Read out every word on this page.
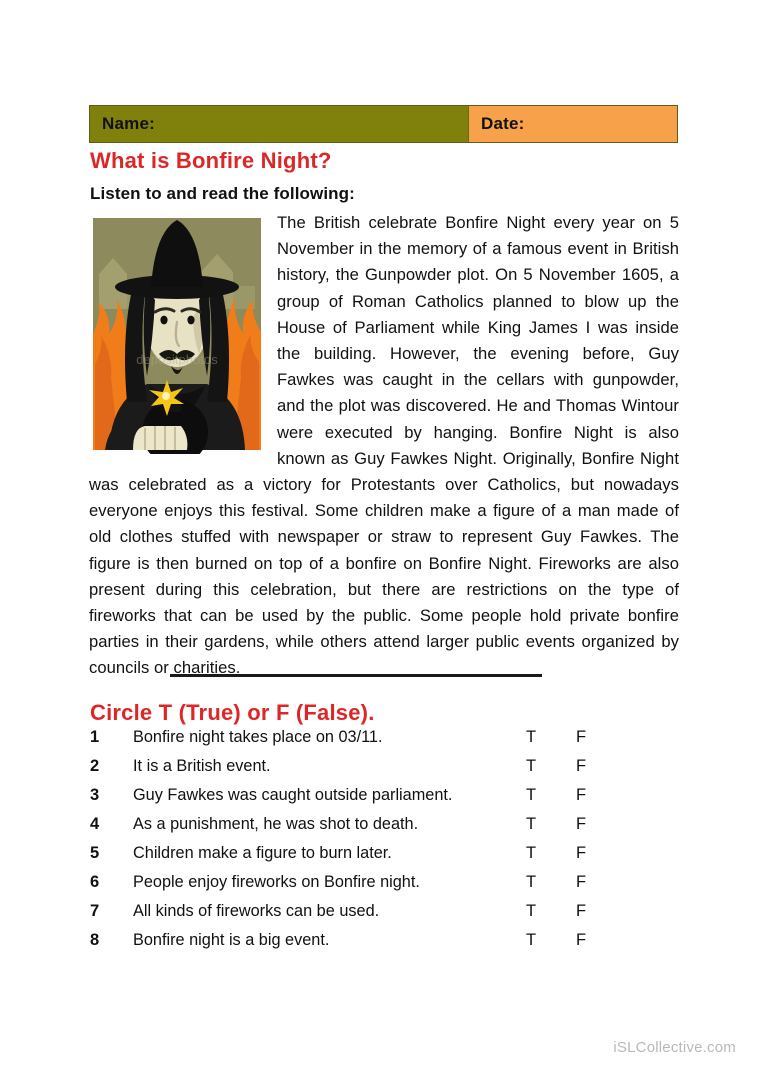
Name:	Date:
What is Bonfire Night?
Listen to and read the following:
depositphotos

The British celebrate Bonfire Night every year on 5 November in the memory of a famous event in British history, the Gunpowder plot. On 5 November 1605, a group of Roman Catholics planned to blow up the House of Parliament while King James I was inside the building. However, the evening before, Guy Fawkes was caught in the cellars with gunpowder, and the plot was discovered. He and Thomas Wintour were executed by hanging. Bonfire Night is also known as Guy Fawkes Night. Originally, Bonfire Night was celebrated as a victory for Protestants over Catholics, but nowadays everyone enjoys this festival. Some children make a figure of a man made of old clothes stuffed with newspaper or straw to represent Guy Fawkes. The figure is then burned on top of a bonfire on Bonfire Night. Fireworks are also present during this celebration, but there are restrictions on the type of fireworks that can be used by the public. Some people hold private bonfire parties in their gardens, while others attend larger public events organized by councils or charities.

Circle T (True) or F (False).
1 Bonfire night takes place on 03/11.	T F
2 It is a British event.	T F
3 Guy Fawkes was caught outside parliament.	T F
4 As a punishment, he was shot to death.	T F
5 Children make a figure to burn later.	T F
6 People enjoy fireworks on Bonfire night.	T F
7 All kinds of fireworks can be used.	T F
8 Bonfire night is a big event.	T F
iSLCollective.com
